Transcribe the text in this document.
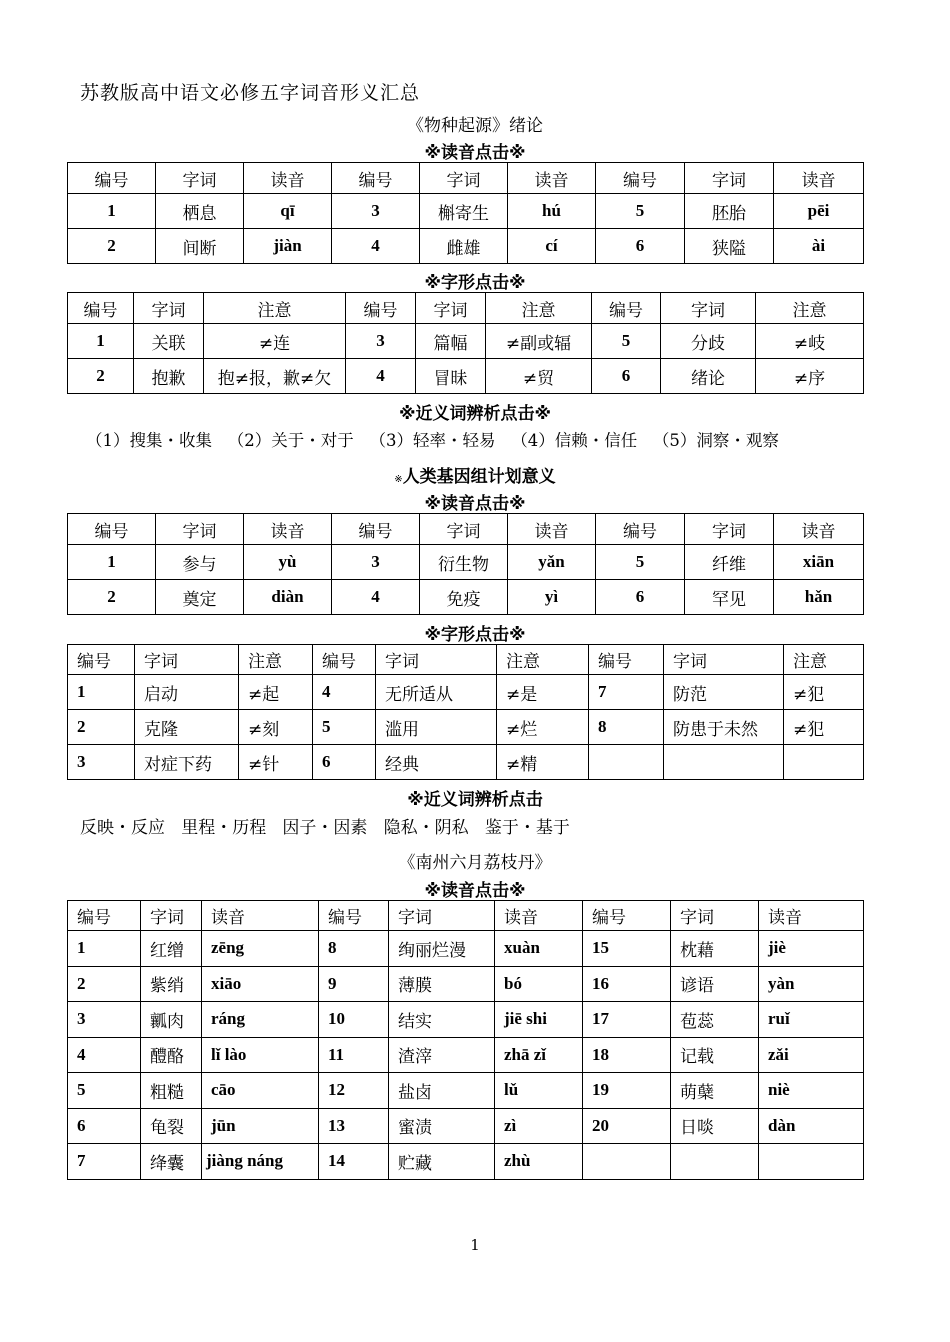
苏教版高中语文必修五字词音形义汇总
《物种起源》绪论
※读音点击※
编号	字词	读音	编号	字词	读音	编号	字词	读音
1	栖息	qī	3	槲寄生	hú	5	胚胎	pēi
2	间断	jiàn	4	雌雄	cí	6	狭隘	ài
※字形点击※
编号	字词	注意	编号	字词	注意	编号	字词	注意
1	关联	≠连	3	篇幅	≠副或辐	5	分歧	≠岐
2	抱歉	抱≠报，歉≠欠	4	冒昧	≠贸	6	绪论	≠序
※近义词辨析点击※
（1）搜集・收集   （2）关于・对于   （3）轻率・轻易   （4）信赖・信任   （5）洞察・观察
※人类基因组计划意义
※读音点击※
编号	字词	读音	编号	字词	读音	编号	字词	读音
1	参与	yù	3	衍生物	yǎn	5	纤维	xiān
2	奠定	diàn	4	免疫	yì	6	罕见	hǎn
※字形点击※
编号	字词	注意	编号	字词	注意	编号	字词	注意
1	启动	≠起	4	无所适从	≠是	7	防范	≠犯
2	克隆	≠刻	5	滥用	≠烂	8	防患于未然	≠犯
3	对症下药	≠针	6	经典	≠精			
※近义词辨析点击
反映・反应   里程・历程   因子・因素   隐私・阴私   鉴于・基于
《南州六月荔枝丹》
※读音点击※
编号	字词	读音	编号	字词	读音	编号	字词	读音
1	红缯	zēng	8	绚丽烂漫	xuàn	15	枕藉	jiè
2	紫绡	xiāo	9	薄膜	bó	16	谚语	yàn
3	瓤肉	ráng	10	结实	jiē shi	17	苞蕊	ruǐ
4	醴酪	lǐ lào	11	渣滓	zhā zǐ	18	记载	zǎi
5	粗糙	cāo	12	盐卤	lǔ	19	萌蘖	niè
6	龟裂	jūn	13	蜜渍	zì	20	日啖	dàn
7	绛囊	jiàng náng	14	贮藏	zhù			
1
